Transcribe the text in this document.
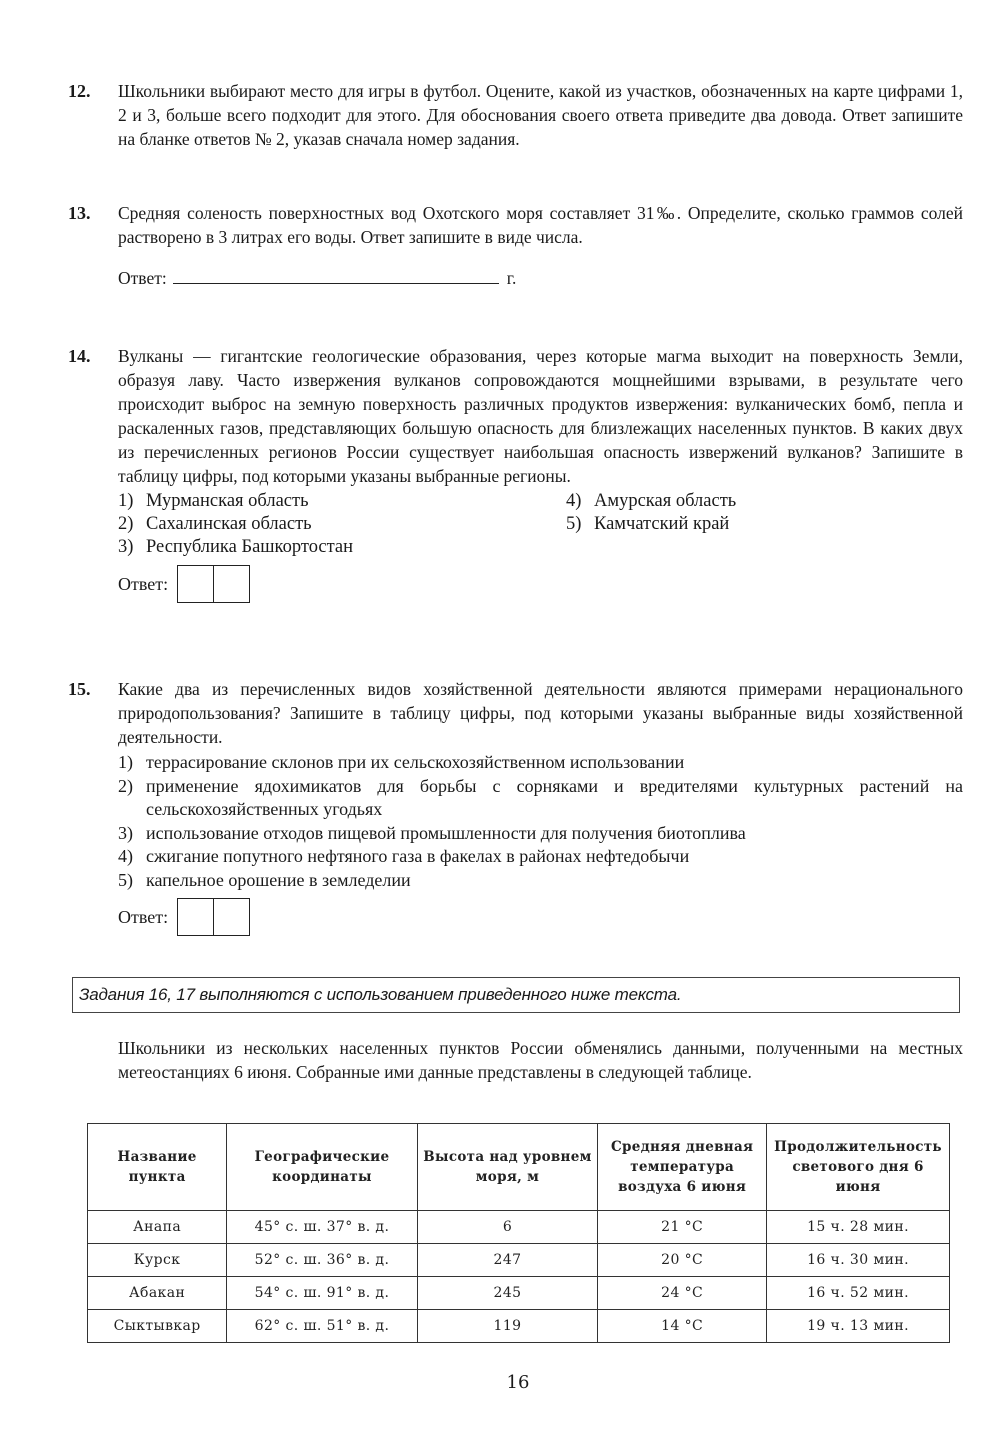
12. Школьники выбирают место для игры в футбол. Оцените, какой из участков, обозначенных на карте цифрами 1, 2 и 3, больше всего подходит для этого. Для обоснования своего ответа приведите два довода. Ответ запишите на бланке ответов № 2, указав сначала номер задания.

13. Средняя соленость поверхностных вод Охотского моря составляет 31‰. Определите, сколько граммов солей растворено в 3 литрах его воды. Ответ запишите в виде числа.

Ответ:	г.
14. Вулканы — гигантские геологические образования, через которые магма выходит на поверхность Земли, образуя лаву. Часто извержения вулканов сопровождаются мощнейшими взрывами, в результате чего происходит выброс на земную поверхность различных продуктов извержения: вулканических бомб, пепла и раскаленных газов, представляющих большую опасность для близлежащих населенных пунктов. В каких двух из перечисленных регионов России существует наибольшая опасность извержений вулканов? Запишите в таблицу цифры, под которыми указаны выбранные регионы.

1) Мурманская область	4) Амурская область
2) Сахалинская область	5) Камчатский край
3) Республика Башкортостан
Ответ:
15. Какие два из перечисленных видов хозяйственной деятельности являются примерами нерационального природопользования? Запишите в таблицу цифры, под которыми указаны выбранные виды хозяйственной деятельности.

1) террасирование склонов при их сельскохозяйственном использовании
2) применение ядохимикатов для борьбы с сорняками и вредителями культурных растений на сельскохозяйственных угодьях
3) использование отходов пищевой промышленности для получения биотоплива
4) сжигание попутного нефтяного газа в факелах в районах нефтедобычи
5) капельное орошение в земледелии
Ответ:
Задания 16, 17 выполняются с использованием приведенного ниже текста.

Школьники из нескольких населенных пунктов России обменялись данными, полученными на местных метеостанциях 6 июня. Собранные ими данные представлены в следующей таблице.

Название пункта	Географические координаты	Высота над уровнем моря, м	Средняя дневная температура воздуха 6 июня	Продолжительность светового дня 6 июня
Анапа	45° с. ш. 37° в. д.	6	21 °C	15 ч. 28 мин.
Курск	52° с. ш. 36° в. д.	247	20 °C	16 ч. 30 мин.
Абакан	54° с. ш. 91° в. д.	245	24 °C	16 ч. 52 мин.
Сыктывкар	62° с. ш. 51° в. д.	119	14 °C	19 ч. 13 мин.
16
